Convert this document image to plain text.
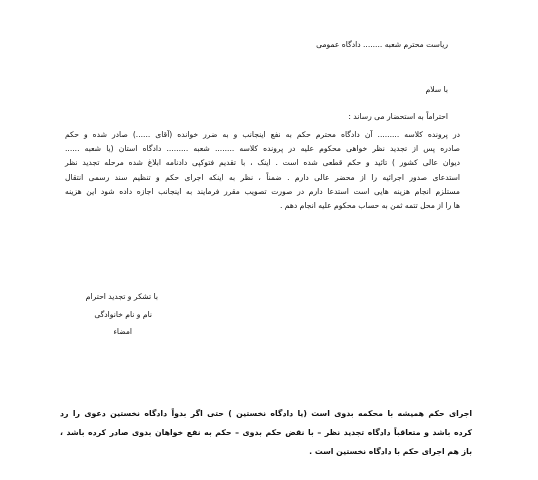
ریاست محترم شعبه ........ دادگاه عمومی
با سلام
احتراماً به استحضار می رساند :
در پرونده کلاسه ......... آن دادگاه محترم حکم به نفع اینجانب و به ضرر خوانده (آقای ......) صادر شده و حکم
صادره پس از تجدید نظر خواهی محکوم علیه در پرونده کلاسه ........ شعبه ......... دادگاه استان (یا شعبه ......
دیوان عالی کشور ) تائید و حکم قطعی شده است . اینک ، با تقدیم فتوکپی دادنامه ابلاغ شده مرحله تجدید نظر
استدعای صدور اجرائیه را از محضر عالی دارم . ضمناً ، نظر به اینکه اجرای حکم و تنظیم سند رسمی انتقال
مستلزم انجام هزینه هایی است استدعا دارم در صورت تصویب مقرر فرمایند به اینجانب اجازه داده شود این هزینه
ها را از محل تتمه ثمن به حساب محکوم علیه انجام دهم .
با تشکر و تجدید احترام
نام و نام خانوادگی
امضاء
اجرای حکم همیشه با محکمه بدوی است (یا دادگاه نخستین ) حتی اگر بدواً دادگاه نخستین دعوی را رد
کرده باشد و متعاقباً دادگاه تجدید نظر – با نقض حکم بدوی – حکم به نفع خواهان بدوی صادر کرده باشد ،
باز هم اجرای حکم با دادگاه نخستین است .
